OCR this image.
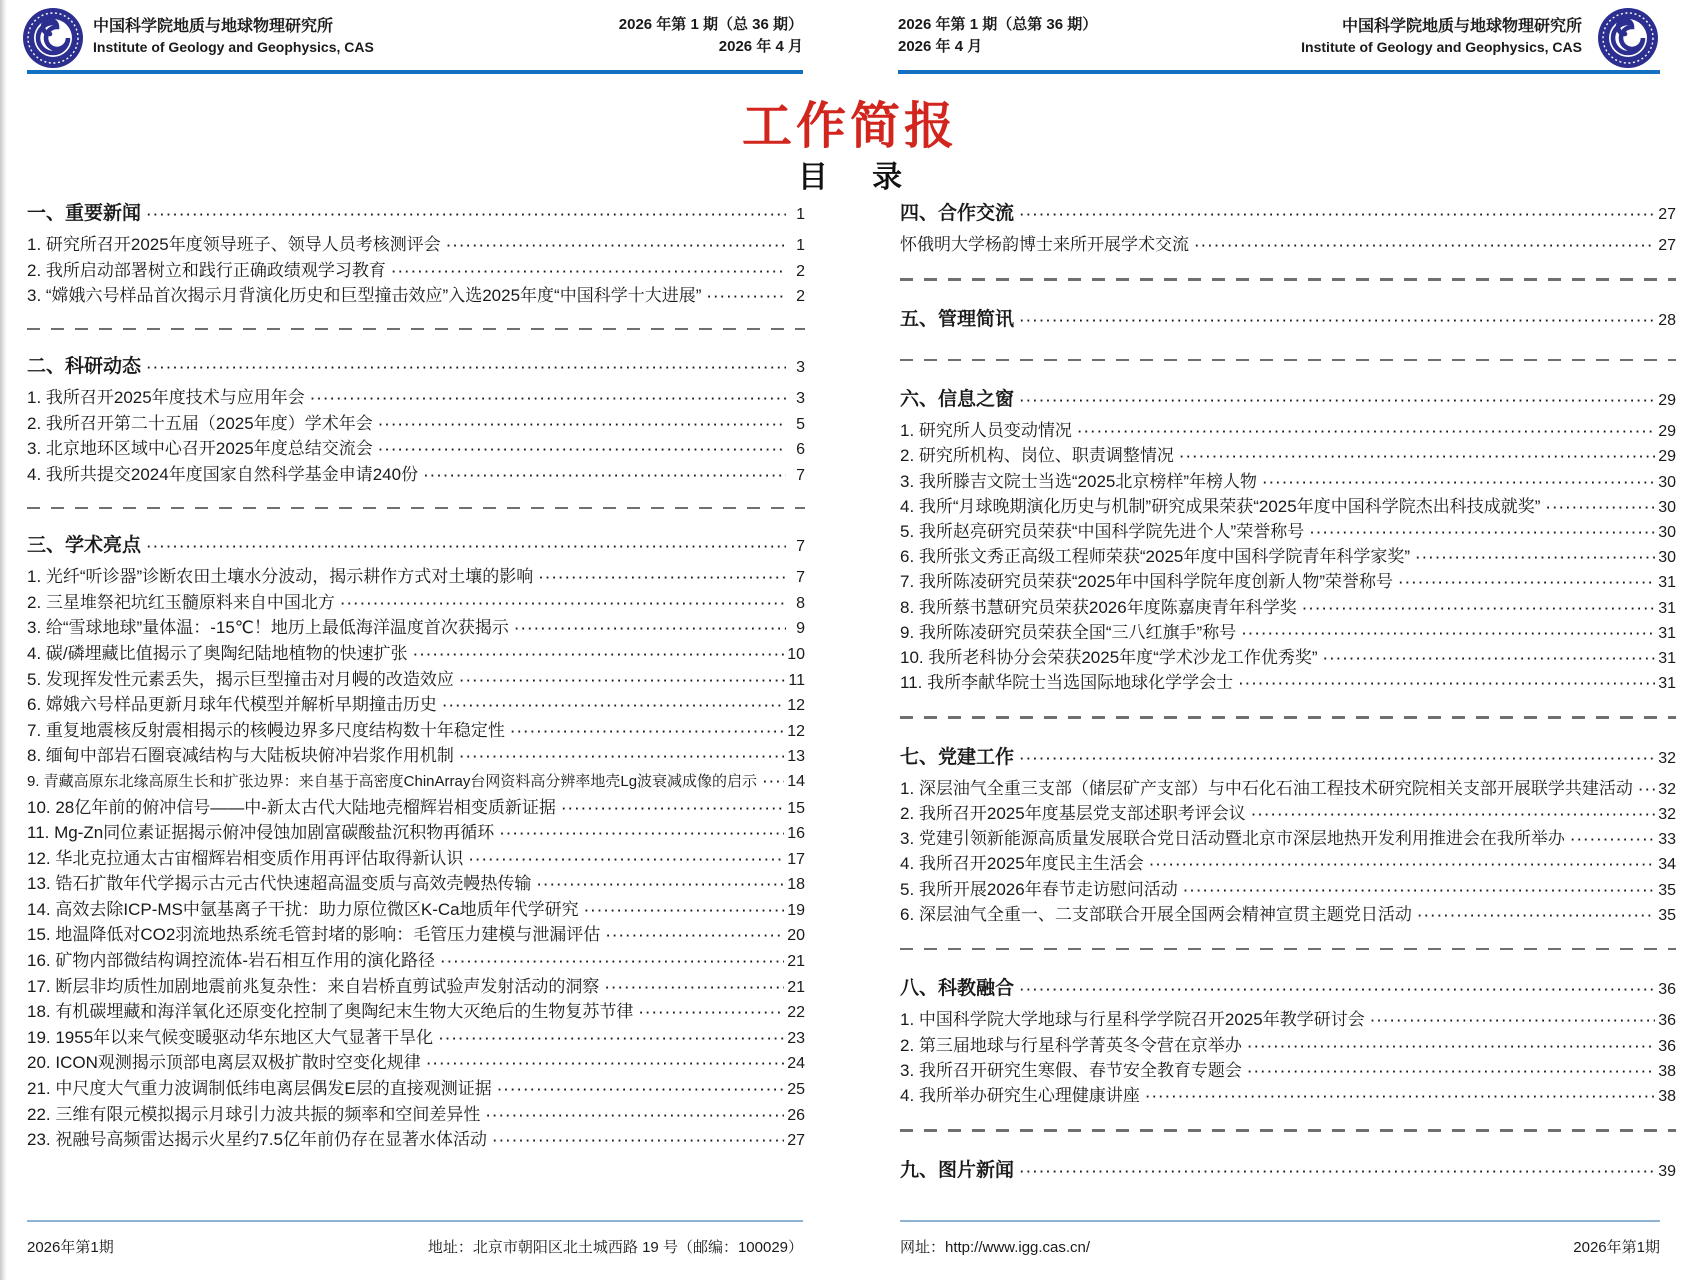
中国科学院地质与地球物理研究所
Institute of Geology and Geophysics, CAS
2026 年第 1 期（总 36 期）
2026 年 4 月
2026 年第 1 期（总第 36 期）
2026 年 4 月
中国科学院地质与地球物理研究所
Institute of Geology and Geophysics, CAS
工作简报
目 录
一、重要新闻 ·····	1
1. 研究所召开2025年度领导班子、领导人员考核测评会 ·····	1
2. 我所启动部署树立和践行正确政绩观学习教育 ·····	2
3. “嫦娥六号样品首次揭示月背演化历史和巨型撞击效应”入选2025年度“中国科学十大进展” ·····	2
二、科研动态 ·····	3
1. 我所召开2025年度技术与应用年会 ·····	3
2. 我所召开第二十五届（2025年度）学术年会 ·····	5
3. 北京地环区域中心召开2025年度总结交流会 ·····	6
4. 我所共提交2024年度国家自然科学基金申请240份 ·····	7
三、学术亮点 ·····	7
1. 光纤“听诊器”诊断农田土壤水分波动，揭示耕作方式对土壤的影响 ·····	7
2. 三星堆祭祀坑红玉髓原料来自中国北方 ·····	8
3. 给“雪球地球”量体温：-15℃！地历上最低海洋温度首次获揭示 ·····	9
4. 碳/磷埋藏比值揭示了奥陶纪陆地植物的快速扩张 ·····	10
5. 发现挥发性元素丢失，揭示巨型撞击对月幔的改造效应 ·····	11
6. 嫦娥六号样品更新月球年代模型并解析早期撞击历史 ·····	12
7. 重复地震核反射震相揭示的核幔边界多尺度结构数十年稳定性 ·····	12
8. 缅甸中部岩石圈衰减结构与大陆板块俯冲岩浆作用机制 ·····	13
9. 青藏高原东北缘高原生长和扩张边界：来自基于高密度ChinArray台网资料高分辨率地壳Lg波衰减成像的启示 ····· 14
10. 28亿年前的俯冲信号——中-新太古代大陆地壳榴辉岩相变质新证据 ·····	15
11. Mg-Zn同位素证据揭示俯冲侵蚀加剧富碳酸盐沉积物再循环 ·····	16
12. 华北克拉通太古宙榴辉岩相变质作用再评估取得新认识 ·····	17
13. 锆石扩散年代学揭示古元古代快速超高温变质与高效壳幔热传输 ·····	18
14. 高效去除ICP-MS中氩基离子干扰：助力原位微区K-Ca地质年代学研究 ·····	19
15. 地温降低对CO2羽流地热系统毛管封堵的影响：毛管压力建模与泄漏评估 ·····	20
16. 矿物内部微结构调控流体-岩石相互作用的演化路径 ·····	21
17. 断层非均质性加剧地震前兆复杂性：来自岩桥直剪试验声发射活动的洞察 ·····	21
18. 有机碳埋藏和海洋氧化还原变化控制了奥陶纪末生物大灭绝后的生物复苏节律 ·····	22
19. 1955年以来气候变暖驱动华东地区大气显著干旱化 ·····	23
20. ICON观测揭示顶部电离层双极扩散时空变化规律 ·····	24
21. 中尺度大气重力波调制低纬电离层偶发E层的直接观测证据 ·····	25
22. 三维有限元模拟揭示月球引力波共振的频率和空间差异性 ·····	26
23. 祝融号高频雷达揭示火星约7.5亿年前仍存在显著水体活动 ·····	27
四、合作交流 ·····	27
怀俄明大学杨韵博士来所开展学术交流 ·····	27
五、管理简讯 ·····	28
六、信息之窗 ·····	29
1. 研究所人员变动情况 ·····	29
2. 研究所机构、岗位、职责调整情况 ·····	29
3. 我所滕吉文院士当选“2025北京榜样”年榜人物 ·····	30
4. 我所“月球晚期演化历史与机制”研究成果荣获“2025年度中国科学院杰出科技成就奖” ·····	30
5. 我所赵亮研究员荣获“中国科学院先进个人”荣誉称号 ·····	30
6. 我所张文秀正高级工程师荣获“2025年度中国科学院青年科学家奖” ·····	30
7. 我所陈凌研究员荣获“2025年中国科学院年度创新人物”荣誉称号 ·····	31
8. 我所蔡书慧研究员荣获2026年度陈嘉庚青年科学奖 ·····	31
9. 我所陈凌研究员荣获全国“三八红旗手”称号 ·····	31
10. 我所老科协分会荣获2025年度“学术沙龙工作优秀奖” ·····	31
11. 我所李献华院士当选国际地球化学学会士 ·····	31
七、党建工作 ·····	32
1. 深层油气全重三支部（储层矿产支部）与中石化石油工程技术研究院相关支部开展联学共建活动 ····· 32
2. 我所召开2025年度基层党支部述职考评会议 ·····	32
3. 党建引领新能源高质量发展联合党日活动暨北京市深层地热开发利用推进会在我所举办 ·····	33
4. 我所召开2025年度民主生活会 ·····	34
5. 我所开展2026年春节走访慰问活动 ·····	35
6. 深层油气全重一、二支部联合开展全国两会精神宣贯主题党日活动 ·····	35
八、科教融合 ·····	36
1. 中国科学院大学地球与行星科学学院召开2025年教学研讨会 ·····	36
2. 第三届地球与行星科学菁英冬令营在京举办 ·····	36
3. 我所召开研究生寒假、春节安全教育专题会 ·····	38
4. 我所举办研究生心理健康讲座 ·····	38
九、图片新闻 ·····	39
2026年第1期	地址：北京市朝阳区北土城西路 19 号（邮编：100029）	网址：http://www.igg.cas.cn/	2026年第1期
